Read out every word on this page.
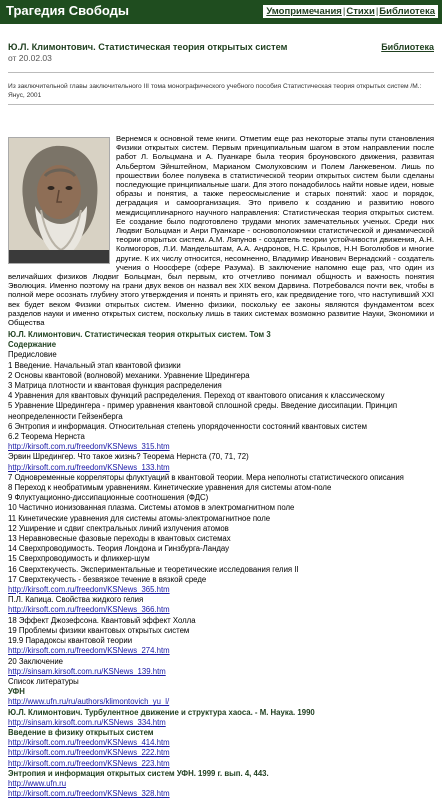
Трагедия Свободы	Умопримечания|Стихи|Библиотека
Ю.Л. Климонтович. Статистическая теория открытых систем
от 20.02.03
Библиотека
Из заключительной главы заключительного III тома монографического учебного пособия Статистическая теория открытых систем /М.: Янус, 2001
Вернемся к основной теме книги. Отметим еще раз некоторые этапы пути становления Физики открытых систем. Первым принципиальным шагом в этом направлении после работ Л. Больцмана и А. Пуанкаре была теория броуновского движения, развитая Альбертом Эйнштейном, Марианом Смолуховским и Полем Ланжевеном. Лишь по прошествии более полувека в статистической теории открытых систем были сделаны последующие принципиальные шаги. Для этого понадобилось найти новые идеи, новые образы и понятия, а также переосмысление и старых понятий: хаос и порядок, деградация и самоорганизация. Это привело к созданию и развитию нового междисциплинарного научного направления: Статистическая теория открытых систем. Ее создание было подготовлено трудами многих замечательных ученых. Среди них Людвиг Больцман и Анри Пуанкаре - основоположники статистической и динамической теории открытых систем. А.М. Ляпунов - создатель теории устойчивости движения, А.Н. Колмогоров, Л.И. Мандельштам, А.А. Андронов, Н.С. Крылов, Н.Н Боголюбов и многие другие. К их числу относится, несомненно, Владимир Иванович Вернадский - создатель учения о Ноосфере (сфере Разума). В заключение напомню еще раз, что один из величайших физиков Людвиг Больцман, был первым, кто отчетливо понимал общность и важность понятия Эволюция. Именно поэтому на грани двух веков он назвал век XIX веком Дарвина. Потребовался почти век, чтобы в полной мере осознать глубину этого утверждения и понять и принять его, как предвидение того, что наступивший XXI век будет веком Физики открытых систем. Именно физики, поскольку ее законы являются фундаментом всех разделов науки и именно открытых систем, поскольку лишь в таких системах возможно развитие Науки, Экономики и Общества
Ю.Л. Климонтович. Статистическая теория открытых систем. Том 3
Содержание
Предисловие
1 Введение. Начальный этап квантовой физики
2 Основы квантовой (волновой) механики. Уравнение Шредингера
3 Матрица плотности и квантовая функция распределения
4 Уравнения для квантовых функций распределения. Переход от квантового описания к классическому
5 Уравнение Шредингера - пример уравнения квантовой сплошной среды. Введение диссипации. Принцип неопределенности Гейзенберга
6 Энтропия и информация. Относительная степень упорядоченности состояний квантовых систем
6.2 Теорема Нернста
http://kirsoft.com.ru/freedom/KSNews_315.htm
Эрвин Шредингер. Что такое жизнь? Теорема Нернста (70, 71, 72)
http://kirsoft.com.ru/freedom/KSNews_133.htm
7 Одновременные корреляторы флуктуаций в квантовой теории. Мера неполноты статистического описания
8 Переход к необратимым уравнениям. Кинетические уравнения для системы атом-поле
9 Флуктуационно-диссипационные соотношения (ФДС)
10 Частично ионизованная плазма. Системы атомов в электромагнитном поле
11 Кинетические уравнения для системы атомы-электромагнитное поле
12 Уширение и сдвиг спектральных линий излучения атомов
13 Неравновесные фазовые переходы в квантовых системах
14 Сверхпроводимость. Теория Лондона и Гинзбурга-Ландау
15 Сверхпроводимость и фликкер-шум
16 Сверхтекучесть. Экспериментальные и теоретические исследования гелия II
17 Сверхтекучесть - безвязкое течение в вязкой среде
http://kirsoft.com.ru/freedom/KSNews_365.htm
П.Л. Капица. Свойства жидкого гелия
http://kirsoft.com.ru/freedom/KSNews_366.htm
18 Эффект Джозефсона. Квантовый эффект Холла
19 Проблемы физики квантовых открытых систем
19.9 Парадоксы квантовой теории
http://kirsoft.com.ru/freedom/KSNews_274.htm
20 Заключение
http://sinsam.kirsoft.com.ru/KSNews_139.htm
Список литературы
УФН
http://www.ufn.ru/ru/authors/klimontovich_yu_l/
Ю.Л. Климонтович. Турбулентное движение и структура хаоса. - М. Наука. 1990
http://sinsam.kirsoft.com.ru/KSNews_334.htm
Введение в физику открытых систем
http://kirsoft.com.ru/freedom/KSNews_414.htm
http://kirsoft.com.ru/freedom/KSNews_222.htm
http://kirsoft.com.ru/freedom/KSNews_223.htm
Энтропия и информация открытых систем УФН. 1999 г. вып. 4, 443.
http://www.ufn.ru
http://kirsoft.com.ru/freedom/KSNews_328.htm
